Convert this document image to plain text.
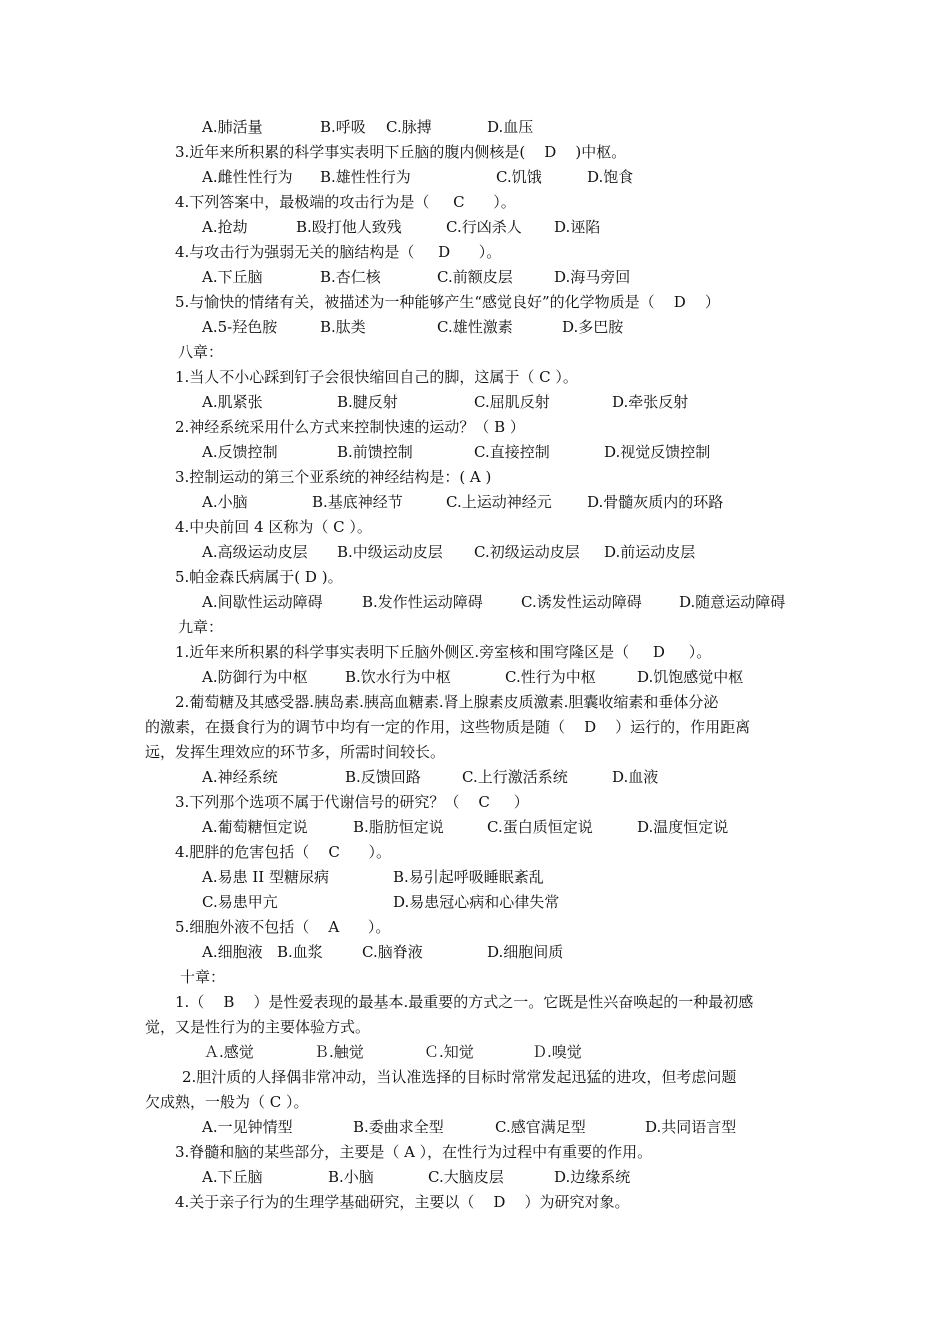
A.肺活量	B.呼吸 C.脉搏	D.血压
3.近年来所积累的科学事实表明下丘脑的腹内侧核是(    D    )中枢。
A.雌性性行为 B.雄性性行为	C.饥饿	D.饱食
4.下列答案中，最极端的攻击行为是（     C      ）。
A.抢劫	B.殴打他人致残	C.行凶杀人 D.诬陷
4.与攻击行为强弱无关的脑结构是（     D      ）。
A.下丘脑	B.杏仁核	C.前额皮层	D.海马旁回
5.与愉快的情绪有关，被描述为一种能够产生“感觉良好”的化学物质是（    D    ）
A.5-羟色胺	B.肽类	C.雄性激素	D.多巴胺
八章：
1.当人不小心踩到钉子会很快缩回自己的脚，这属于（ C ）。
A.肌紧张	B.腱反射	C.屈肌反射	D.牵张反射
2.神经系统采用什么方式来控制快速的运动？（ B ）
A.反馈控制	B.前馈控制	C.直接控制	D.视觉反馈控制
3.控制运动的第三个亚系统的神经结构是：( A )
A.小脑	B.基底神经节	C.上运动神经元 D.骨髓灰质内的环路
4.中央前回 4 区称为（ C ）。
A.高级运动皮层 B.中级运动皮层 C.初级运动皮层 D.前运动皮层
5.帕金森氏病属于( D )。
A.间歇性运动障碍	B.发作性运动障碍	C.诱发性运动障碍 D.随意运动障碍
九章：
1.近年来所积累的科学事实表明下丘脑外侧区.旁室核和围穹隆区是（     D     ）。
A.防御行为中枢 B.饮水行为中枢	C.性行为中枢	D.饥饱感觉中枢
2.葡萄糖及其感受器.胰岛素.胰高血糖素.肾上腺素皮质激素.胆囊收缩素和垂体分泌
的激素，在摄食行为的调节中均有一定的作用，这些物质是随（    D    ）运行的，作用距离
远，发挥生理效应的环节多，所需时间较长。
A.神经系统	B.反馈回路	C.上行激活系统	D.血液
3.下列那个选项不属于代谢信号的研究？（    C     ）
A.葡萄糖恒定说	B.脂肪恒定说	C.蛋白质恒定说	D.温度恒定说
4.肥胖的危害包括（    C      ）。
A.易患 II 型糖尿病	B.易引起呼吸睡眠紊乱
C.易患甲亢	D.易患冠心病和心律失常
5.细胞外液不包括（    A      ）。
A.细胞液 B.血浆	C.脑脊液	D.细胞间质
十章：
1.（    B    ）是性爱表现的最基本.最重要的方式之一。它既是性兴奋唤起的一种最初感
觉，又是性行为的主要体验方式。
Ａ.感觉	Ｂ.触觉	Ｃ.知觉	Ｄ.嗅觉
2.胆汁质的人择偶非常冲动，当认准选择的目标时常常发起迅猛的进攻，但考虑问题
欠成熟，一般为（ C ）。
A.一见钟情型	B.委曲求全型	C.感官满足型	D.共同语言型
3.脊髓和脑的某些部分，主要是（ A ），在性行为过程中有重要的作用。
A.下丘脑	B.小脑	C.大脑皮层	D.边缘系统
4.关于亲子行为的生理学基础研究，主要以（    D    ）为研究对象。
